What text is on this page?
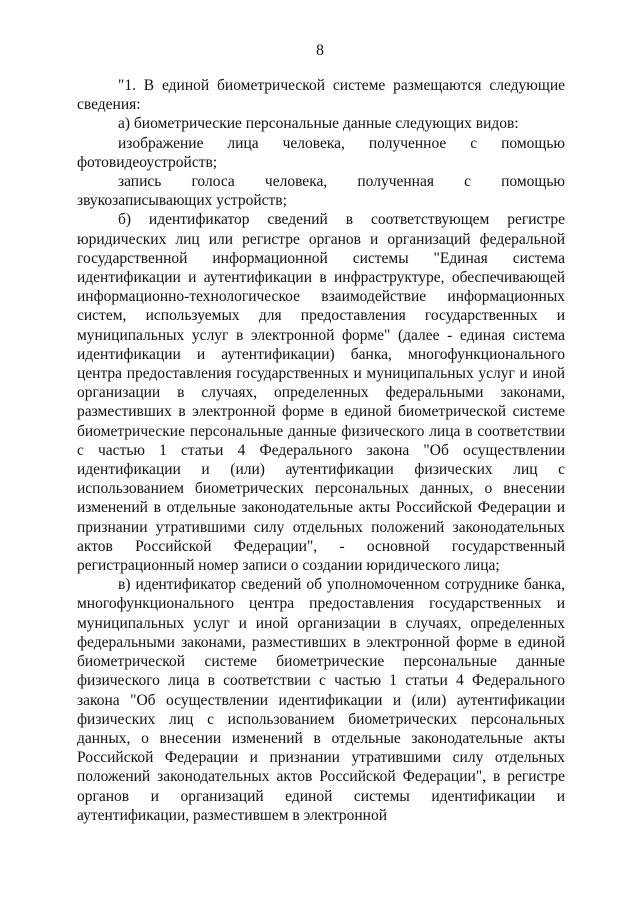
8

"1. В единой биометрической системе размещаются следующие сведения:

а) биометрические персональные данные следующих видов:

изображение лица человека, полученное с помощью фотовидеоустройств;

запись голоса человека, полученная с помощью звукозаписывающих устройств;

б) идентификатор сведений в соответствующем регистре юридических лиц или регистре органов и организаций федеральной государственной информационной системы "Единая система идентификации и аутентификации в инфраструктуре, обеспечивающей информационно-технологическое взаимодействие информационных систем, используемых для предоставления государственных и муниципальных услуг в электронной форме" (далее - единая система идентификации и аутентификации) банка, многофункционального центра предоставления государственных и муниципальных услуг и иной организации в случаях, определенных федеральными законами, разместивших в электронной форме в единой биометрической системе биометрические персональные данные физического лица в соответствии с частью 1 статьи 4 Федерального закона "Об осуществлении идентификации и (или) аутентификации физических лиц с использованием биометрических персональных данных, о внесении изменений в отдельные законодательные акты Российской Федерации и признании утратившими силу отдельных положений законодательных актов Российской Федерации", - основной государственный регистрационный номер записи о создании юридического лица;

в) идентификатор сведений об уполномоченном сотруднике банка, многофункционального центра предоставления государственных и муниципальных услуг и иной организации в случаях, определенных федеральными законами, разместивших в электронной форме в единой биометрической системе биометрические персональные данные физического лица в соответствии с частью 1 статьи 4 Федерального закона "Об осуществлении идентификации и (или) аутентификации физических лиц с использованием биометрических персональных данных, о внесении изменений в отдельные законодательные акты Российской Федерации и признании утратившими силу отдельных положений законодательных актов Российской Федерации", в регистре органов и организаций единой системы идентификации и аутентификации, разместившем в электронной
